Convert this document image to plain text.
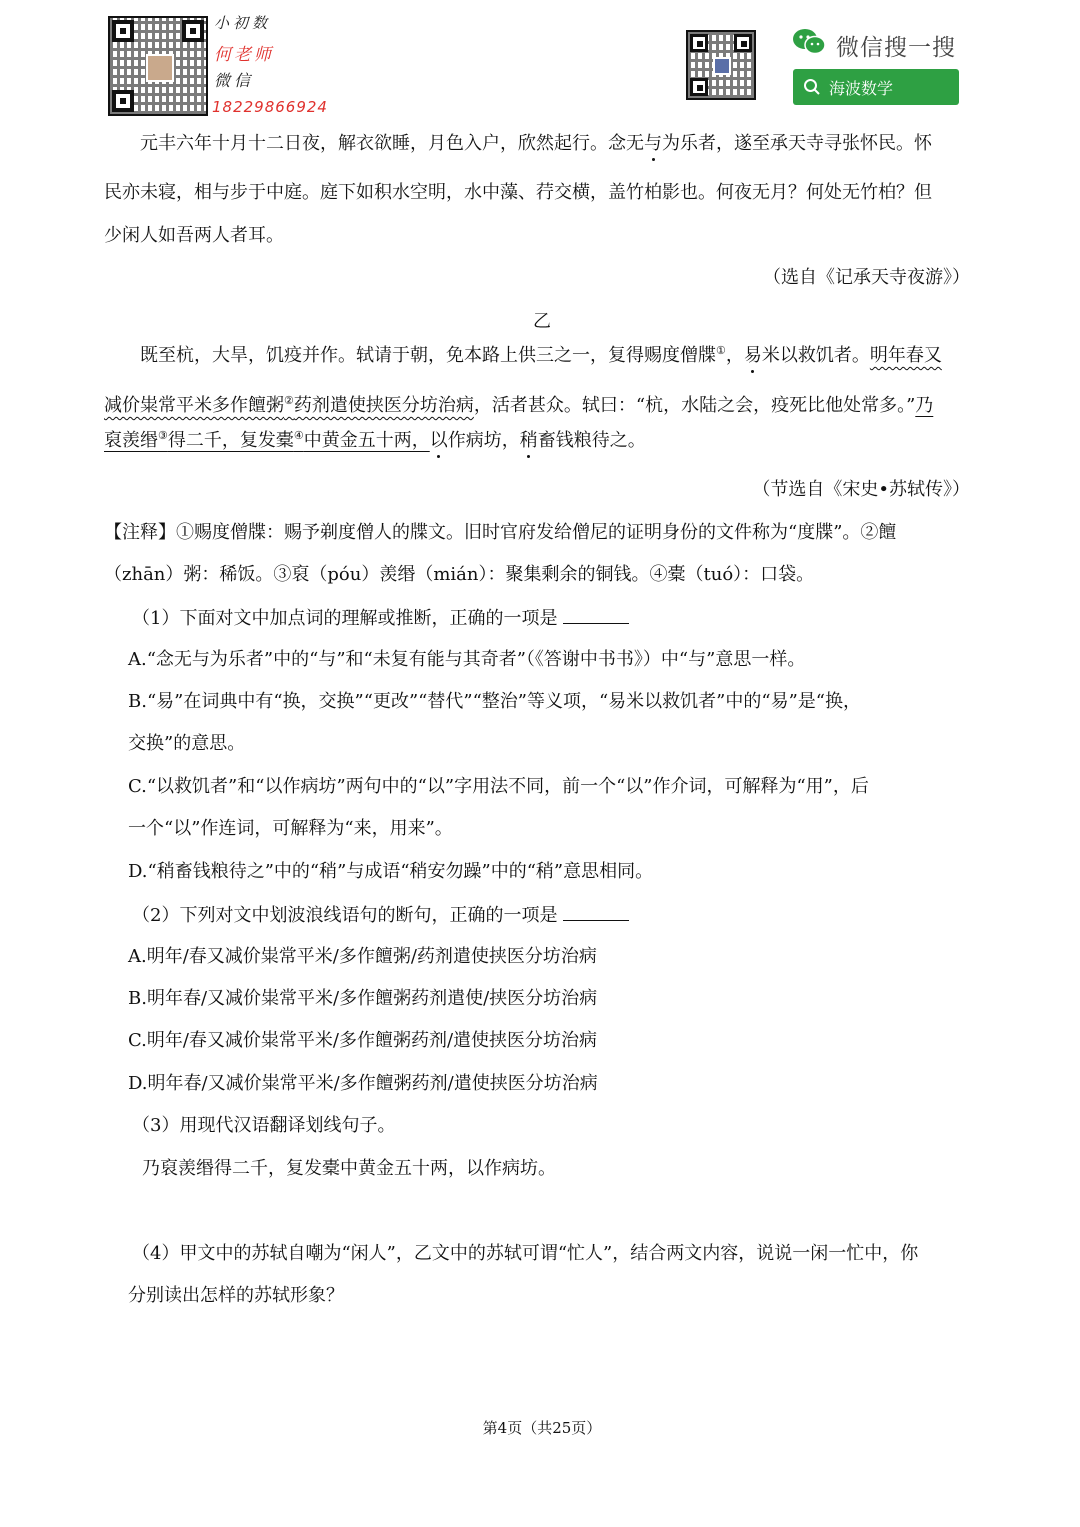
小初数
何老师
微信
18229866924
微信搜一搜
海波数学
元丰六年十月十二日夜，解衣欲睡，月色入户，欣然起行。念无与为乐者，遂至承天寺寻张怀民。怀
民亦未寝，相与步于中庭。庭下如积水空明，水中藻、荇交横，盖竹柏影也。何夜无月？何处无竹柏？但
少闲人如吾两人者耳。
（选自《记承天寺夜游》）
乙
既至杭，大旱，饥疫并作。轼请于朝，免本路上供三之一，复得赐度僧牒①，易米以救饥者。明年春又
减价粜常平米多作饘粥②药剂遣使挟医分坊治病，活者甚众。轼曰：“杭，水陆之会，疫死比他处常多。”乃
裒羡缗③得二千，复发橐④中黄金五十两，以作病坊，稍畜钱粮待之。
（节选自《宋史•苏轼传》）
【注释】①赐度僧牒：赐予剃度僧人的牒文。旧时官府发给僧尼的证明身份的文件称为“度牒”。②饘
（zhān）粥：稀饭。③裒（póu）羡缗（mián）：聚集剩余的铜钱。④橐（tuó）：口袋。
（1）下面对文中加点词的理解或推断，正确的一项是
A.“念无与为乐者”中的“与”和“未复有能与其奇者”（《答谢中书书》）中“与”意思一样。
B.“易”在词典中有“换，交换”“更改”“替代”“整治”等义项，“易米以救饥者”中的“易”是“换，
交换”的意思。
C.“以救饥者”和“以作病坊”两句中的“以”字用法不同，前一个“以”作介词，可解释为“用”，后
一个“以”作连词，可解释为“来，用来”。
D.“稍畜钱粮待之”中的“稍”与成语“稍安勿躁”中的“稍”意思相同。
（2）下列对文中划波浪线语句的断句，正确的一项是
A.明年/春又减价粜常平米/多作饘粥/药剂遣使挟医分坊治病
B.明年春/又减价粜常平米/多作饘粥药剂遣使/挟医分坊治病
C.明年/春又减价粜常平米/多作饘粥药剂/遣使挟医分坊治病
D.明年春/又减价粜常平米/多作饘粥药剂/遣使挟医分坊治病
（3）用现代汉语翻译划线句子。
乃裒羡缗得二千，复发橐中黄金五十两，以作病坊。
（4）甲文中的苏轼自嘲为“闲人”，乙文中的苏轼可谓“忙人”，结合两文内容，说说一闲一忙中，你
分别读出怎样的苏轼形象？
第4页（共25页）
